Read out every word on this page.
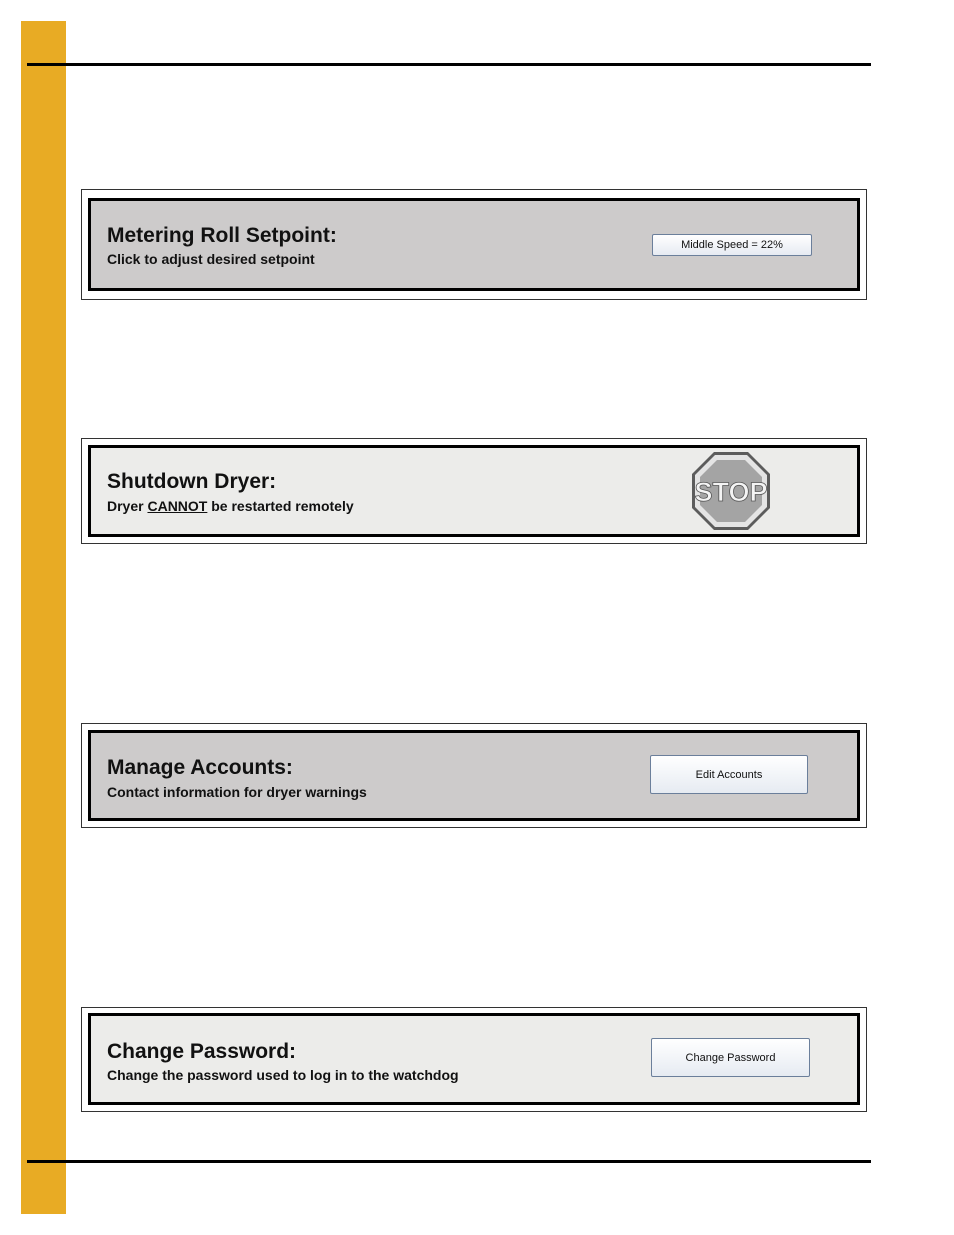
Metering Roll Setpoint:
Click to adjust desired setpoint
Middle Speed = 22%
Shutdown Dryer:
Dryer CANNOT be restarted remotely	STOP
Manage Accounts:
Contact information for dryer warnings
Edit Accounts
Change Password:
Change the password used to log in to the watchdog
Change Password
